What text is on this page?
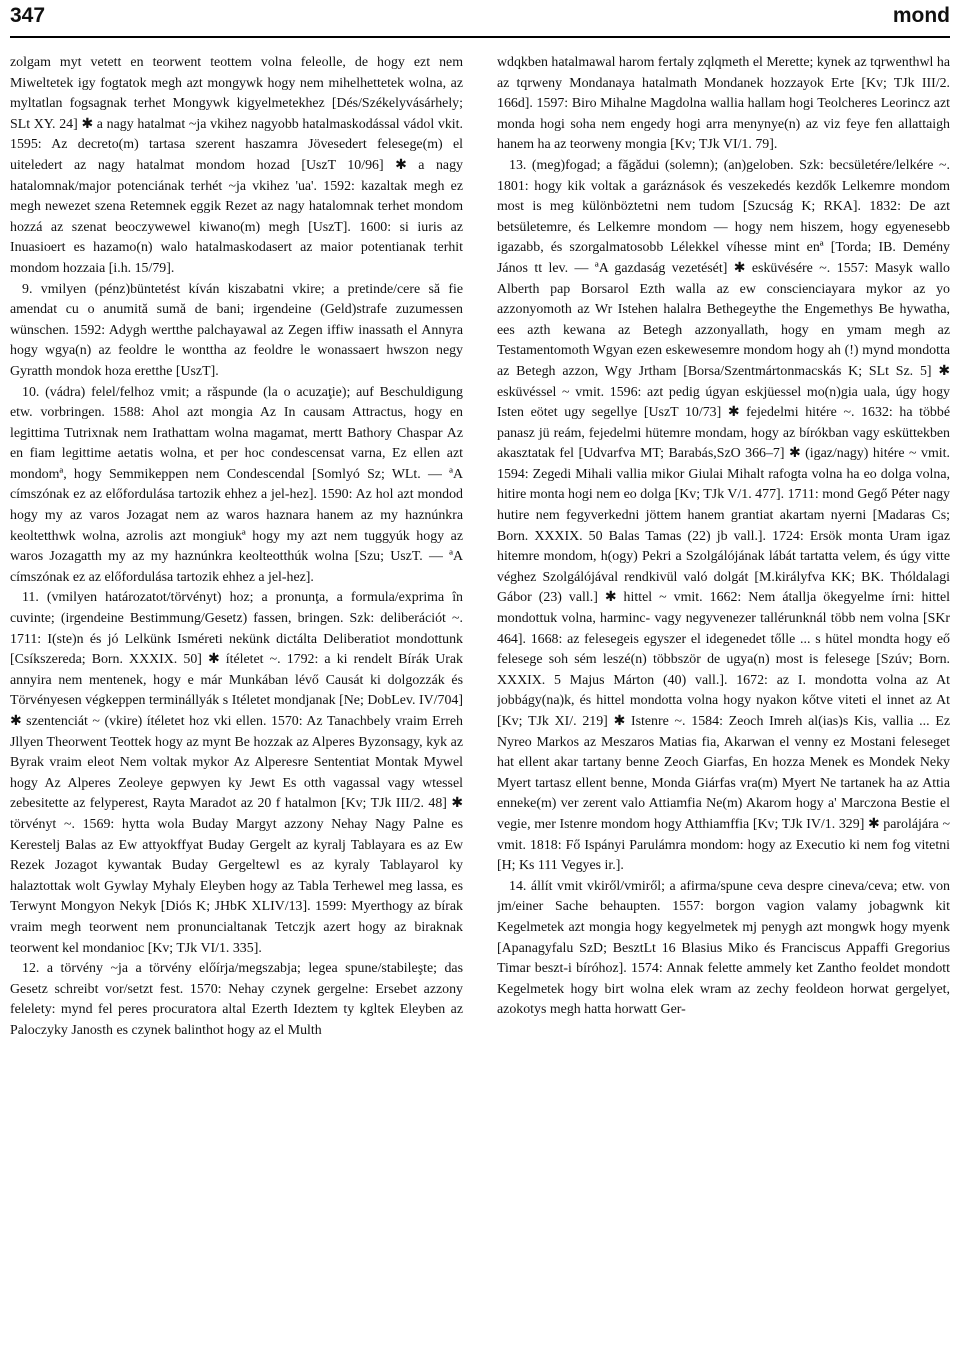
347	mond

zolgam myt vetett en teorwent teottem volna feleolle, de hogy ezt nem Miweltetek igy fogtatok megh azt mongywk hogy nem mihelhettetek wolna, az myltatlan fogsagnak terhet Mongywk kigyelmetekhez [Dés/Székelyvásárhely; SLt XY. 24] ✱ a nagy hatalmat ~ja vkihez nagyobb hatalmaskodással vádol vkit. 1595: Az decreto(m) tartasa szerent haszamra Jövesedert felesege(m) el uiteledert az nagy hatalmat mondom hozad [UszT 10/96] ✱ a nagy hatalomnak/major potenciának terhét ~ja vkihez 'ua'. 1592: kazaltak megh ez megh newezet szena Retemnek eggik Rezet az nagy hatalomnak terhet mondom hozzá az szenat beoczywewel kiwano(m) megh [UszT]. 1600: si iuris az Inuasioert es hazamo(n) walo hatalmaskodasert az maior potentianak terhit mondom hozzaia [i.h. 15/79].

9. vmilyen (pénz)büntetést kíván kiszabatni vkire; a pretinde/cere să fie amendat cu o anumită sumă de bani; irgendeine (Geld)strafe zuzumessen wünschen. 1592: Adygh wertthe palchayawal az Zegen iffiw inassath el Annyra hogy wgya(n) az feoldre le wonttha az feoldre le wonassaert hwszon negy Gyratth mondok hoza eretthe [UszT].

10. (vádra) felel/felhoz vmit; a răspunde (la o acuzaţie); auf Beschuldigung etw. vorbringen. 1588: Ahol azt mongia Az In causam Attractus, hogy en legittima Tutrixnak nem Irathattam wolna magamat, mertt Bathory Chaspar Az en fiam legittime aetatis wolna, et per hoc condescensat varna, Ez ellen azt mondomª, hogy Semmikeppen nem Condescendal [Somlyó Sz; WLt. — ªA címszónak ez az előfordulása tartozik ehhez a jel-hez]. 1590: Az hol azt mondod hogy my az varos Jozagat nem az waros haznara hanem az my haznúnkra keoltetthwk wolna, azrolis azt mongiukª hogy my azt nem tuggyúk hogy az waros Jozagatth my az my haznúnkra keolteotthúk wolna [Szu; UszT. — ªA címszónak ez az előfordulása tartozik ehhez a jel-hez].

11. (vmilyen határozatot/törvényt) hoz; a pronunţa, a formula/exprima în cuvinte; (irgendeine Bestimmung/Gesetz) fassen, bringen. Szk: deliberációt ~. 1711: I(ste)n és jó Lelkünk Isméreti nekünk dictálta Deliberatiot mondottunk [Csíkszereda; Born. XXXIX. 50] ✱ ítéletet ~. 1792: a ki rendelt Bírák Urak annyira nem mentenek, hogy e már Munkában lévő Causát ki dolgozzák és Törvényesen végkeppen terminállyák s Itéletet mondjanak [Ne; DobLev. IV/704] ✱ szentenciát ~ (vkire) ítéletet hoz vki ellen. 1570: Az Tanachbely vraim Erreh Jllyen Theorwent Teottek hogy az mynt Be hozzak az Alperes Byzonsagy, kyk az Byrak vraim eleot Nem voltak mykor Az Alperesre Sententiat Montak Mywel hogy Az Alperes Zeoleye gepwyen ky Jewt Es otth vagassal vagy wtessel zebesitette az felyperest, Rayta Maradot az 20 f hatalmon [Kv; TJk III/2. 48] ✱ törvényt ~. 1569: hytta wola Buday Margyt azzony Nehay Nagy Palne es Kerestelj Balas az Ew attyokffyat Buday Gergelt az kyralj Tablayara es az Ew Rezek Jozagot kywantak Buday Gergeltewl es az kyraly Tablayarol ky halaztottak wolt Gywlay Myhaly Eleyben hogy az Tabla Terhewel meg lassa, es Terwynt Mongyon Nekyk [Diós K; JHbK XLIV/13]. 1599: Myerthogy az bírak vraim megh teorwent nem pronuncialtanak Tetczjk azert hogy az biraknak teorwent kel mondanioc [Kv; TJk VI/1. 335].

12. a törvény ~ja a törvény előírja/megszabja; legea spune/stabileşte; das Gesetz schreibt vor/setzt fest. 1570: Nehay czynek gergelne: Ersebet azzony felelety: mynd fel peres procuratora altal Ezerth Ideztem ty kgltek Eleyben az Paloczyky Janosth es czynek balinthot hogy az el Multh

wdqkben hatalmawal harom fertaly zqlqmeth el Merette; kynek az tqrwenthwl ha az tqrweny Mondanaya hatalmath Mondanek hozzayok Erte [Kv; TJk III/2. 166d]. 1597: Biro Mihalne Magdolna wallia hallam hogi Teolcheres Leorincz azt monda hogi soha nem engedy hogi arra menynye(n) az viz feye fen allattaigh hanem ha az teorweny mongia [Kv; TJk VI/1. 79].

13. (meg)fogad; a făgădui (solemn); (an)geloben. Szk: becsületére/lelkére ~. 1801: hogy kik voltak a garáznások és veszekedés kezdők Lelkemre mondom most is meg különböztetni nem tudom [Szucság K; RKA]. 1832: De azt betsületemre, és Lelkemre mondom — hogy nem hiszem, hogy egyenesebb igazabb, és szorgalmatosobb Lélekkel víhesse mint enª [Torda; IB. Demény János tt lev. — ªA gazdaság vezetését] ✱ esküvésére ~. 1557: Masyk wallo Alberth pap Borsarol Ezth walla az ew conscienciayara mykor az yo azzonyomoth az Wr Istehen halalra Bethegeythe the Engemethys Be hywatha, ees azth kewana az Betegh azzonyallath, hogy en ymam megh az Testamentomoth Wgyan ezen eskewesemre mondom hogy ah (!) mynd mondotta az Betegh azzon, Wgy Jrtham [Borsa/Szentmártonmacskás K; SLt Sz. 5] ✱ esküvéssel ~ vmit. 1596: azt pedig úgyan eskjüessel mo(n)gia uala, úgy hogy Isten eötet ugy segellye [UszT 10/73] ✱ fejedelmi hitére ~. 1632: ha többé panasz jü reám, fejedelmi hütemre mondam, hogy az bírókban vagy esküttekben akasztatak fel [Udvarfva MT; Barabás,SzO 366–7] ✱ (igaz/nagy) hitére ~ vmit. 1594: Zegedi Mihali vallia mikor Giulai Mihalt rafogta volna ha eo dolga volna, hitire monta hogi nem eo dolga [Kv; TJk V/1. 477]. 1711: mond Gegő Péter nagy hutire nem fegyverkedni jöttem hanem grantiat akartam nyerni [Madaras Cs; Born. XXXIX. 50 Balas Tamas (22) jb vall.]. 1724: Ersök monta Uram igaz hitemre mondom, h(ogy) Pekri a Szolgálójának lábát tartatta velem, és úgy vitte véghez Szolgálójával rendkivül való dolgát [M.királyfva KK; BK. Thóldalagi Gábor (23) vall.] ✱ hittel ~ vmit. 1662: Nem átallja ökegyelme írni: hittel mondottuk volna, harminc- vagy negyvenezer tallérunknál több nem volna [SKr 464]. 1668: az felesegeis egyszer el idegenedet tőlle ... s hütel mondta hogy eő felesege soh sém leszé(n) többször de ugya(n) most is felesege [Szúv; Born. XXXIX. 5 Majus Márton (40) vall.]. 1672: az I. mondotta volna az At jobbágy(na)k, és hittel mondotta volna hogy nyakon kőtve viteti el innet az At [Kv; TJk XI/. 219] ✱ Istenre ~. 1584: Zeoch Imreh al(ias)s Kis, vallia ... Ez Nyreo Markos az Meszaros Matias fia, Akarwan el venny ez Mostani feleseget hat ellent akar tartany benne Zeoch Giarfas, En hozza Menek es Mondek Neky Myert tartasz ellent benne, Monda Giárfas vra(m) Myert Ne tartanek ha az Attia enneke(m) ver zerent valo Attiamfia Ne(m) Akarom hogy a' Marczona Bestie el vegie, mer Istenre mondom hogy Atthiamffia [Kv; TJk IV/1. 329] ✱ parolájára ~ vmit. 1818: Fő Ispányi Parulámra mondom: hogy az Executio ki nem fog vitetni [H; Ks 111 Vegyes ir.].

14. állít vmit vkiről/vmiről; a afirma/spune ceva despre cineva/ceva; etw. von jm/einer Sache behaupten. 1557: borgon vagion valamy jobagwnk kit Kegelmetek azt mongia hogy kegyelmetek mj penygh azt mongwk hogy myenk [Apanagyfalu SzD; BesztLt 16 Blasius Miko és Franciscus Appaffi Gregorius Timar beszt-i bíróhoz]. 1574: Annak felette ammely ket Zantho feoldet mondott Kegelmetek hogy birt wolna elek wram az zechy feoldeon horwat gergelyet, azokotys megh hatta horwatt Ger-
